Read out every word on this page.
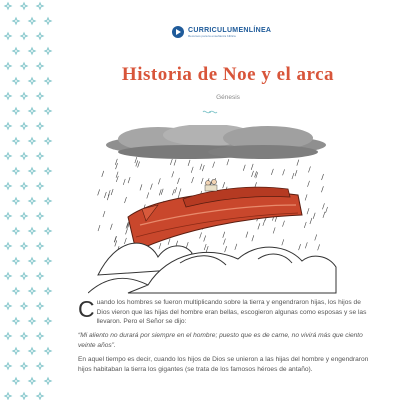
CURRICULUMENLÍNEA
Recursos para la enseñanza bíblica
Historia de Noe y el arca
Génesis

Cuando los hombres se fueron multiplicando sobre la tierra y engendraron hijas, los hijos de Dios vieron que las hijas del hombre eran bellas, escogieron algunas como esposas y se las llevaron. Pero el Señor se dijo:

“Mi aliento no durará por siempre en el hombre; puesto que es de carne, no vivirá más que ciento veinte años”.

En aquel tiempo es decir, cuando los hijos de Dios se unieron a las hijas del hombre y engendraron hijos habitaban la tierra los gigantes (se trata de los famosos héroes de antaño).
